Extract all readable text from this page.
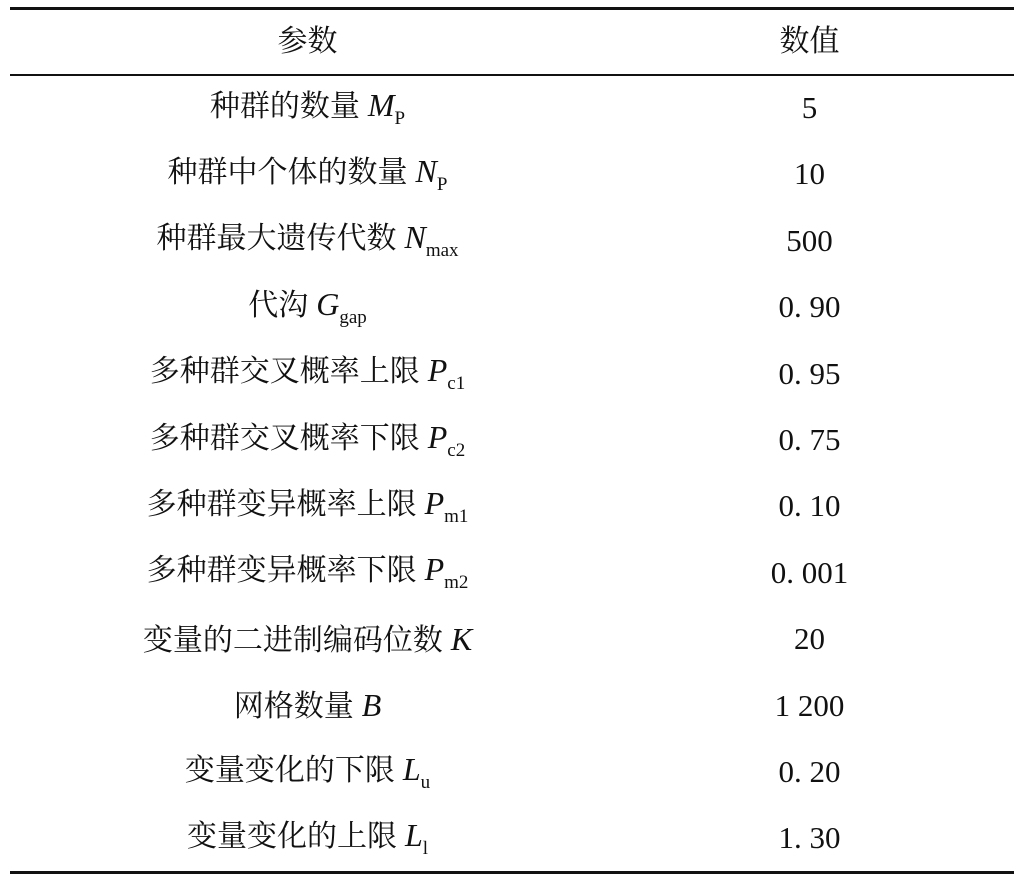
参数	数值
种群的数量 $M_P$	5
种群中个体的数量 $N_P$	10
种群最大遗传代数 $N_{max}$	500
代沟 $G_{gap}$	0. 90
多种群交叉概率上限 $P_{c1}$	0. 95
多种群交叉概率下限 $P_{c2}$	0. 75
多种群变异概率上限 $P_{m1}$	0. 10
多种群变异概率下限 $P_{m2}$	0. 001
变量的二进制编码位数 K	20
网格数量 B	1 200
变量变化的下限 $L_u$	0. 20
变量变化的上限 $L_l$	1. 30
